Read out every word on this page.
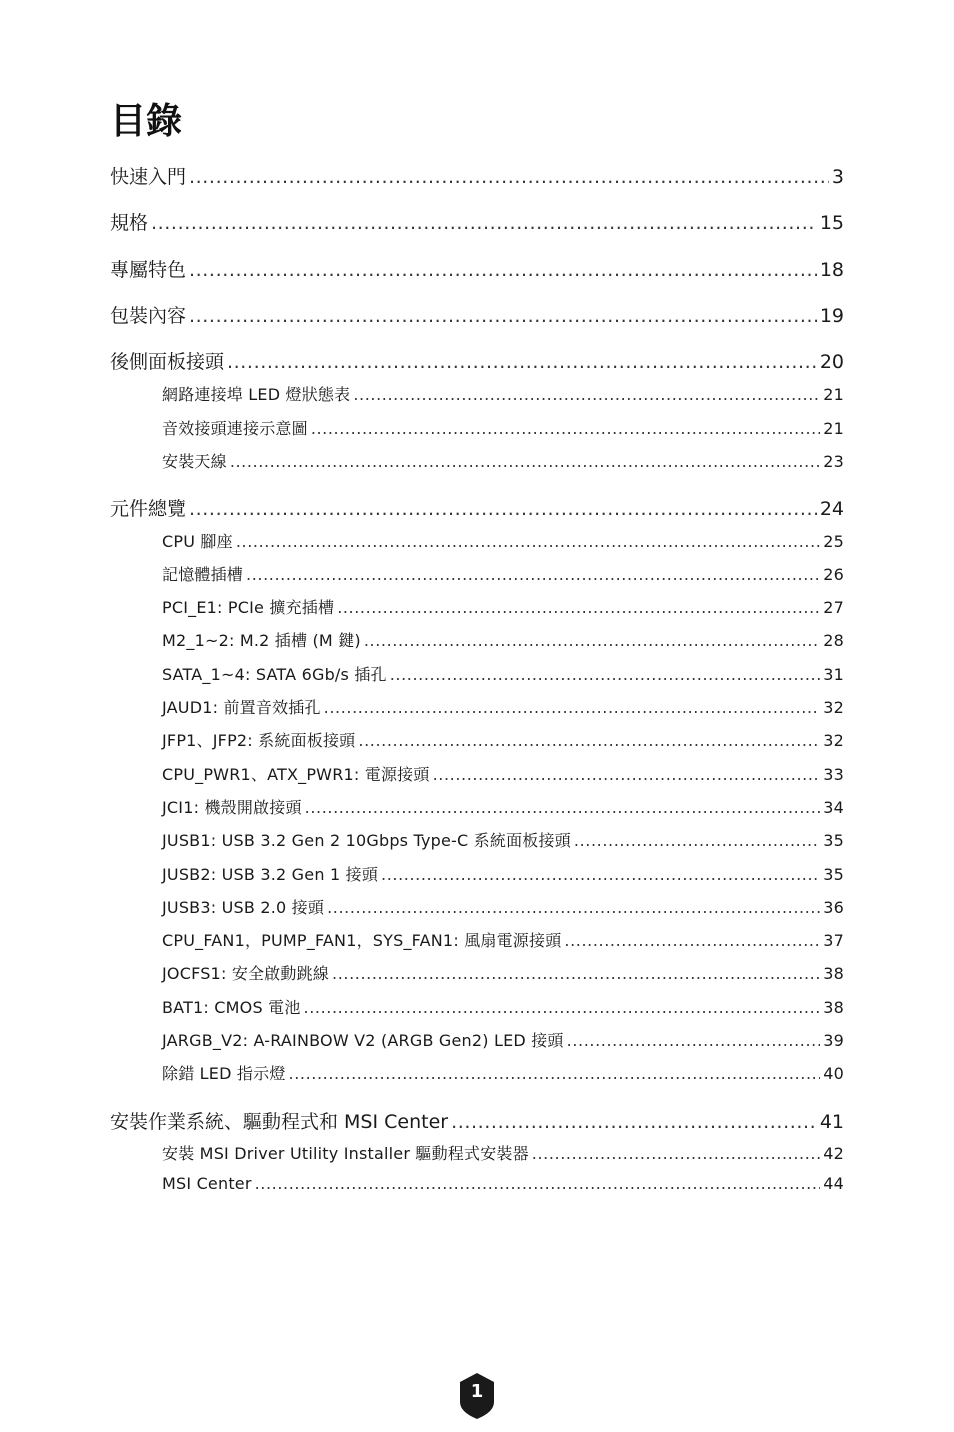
目錄
快速入門 .....	3
規格 .....	15
專屬特色 .....	18
包裝內容 .....	19
後側面板接頭 .....	20
網路連接埠 LED 燈狀態表 .....	21
音效接頭連接示意圖 .....	21
安裝天線 .....	23
元件總覽 .....	24
CPU 腳座 .....	25
記憶體插槽 .....	26
PCI_E1: PCIe 擴充插槽 .....	27
M2_1~2: M.2 插槽 (M 鍵) .....	28
SATA_1~4: SATA 6Gb/s 插孔 .....	31
JAUD1: 前置音效插孔 .....	32
JFP1、JFP2: 系統面板接頭 .....	32
CPU_PWR1、ATX_PWR1: 電源接頭 .....	33
JCI1: 機殼開啟接頭 .....	34
JUSB1: USB 3.2 Gen 2 10Gbps Type-C 系統面板接頭 .....	35
JUSB2: USB 3.2 Gen 1 接頭 .....	35
JUSB3: USB 2.0 接頭 .....	36
CPU_FAN1，PUMP_FAN1，SYS_FAN1: 風扇電源接頭 .....	37
JOCFS1: 安全啟動跳線 .....	38
BAT1: CMOS 電池 .....	38
JARGB_V2: A-RAINBOW V2 (ARGB Gen2) LED 接頭 .....	39
除錯 LED 指示燈 .....	40
安裝作業系統、驅動程式和 MSI Center .....	41
安裝 MSI Driver Utility Installer 驅動程式安裝器 .....	42
MSI Center .....	44
1
